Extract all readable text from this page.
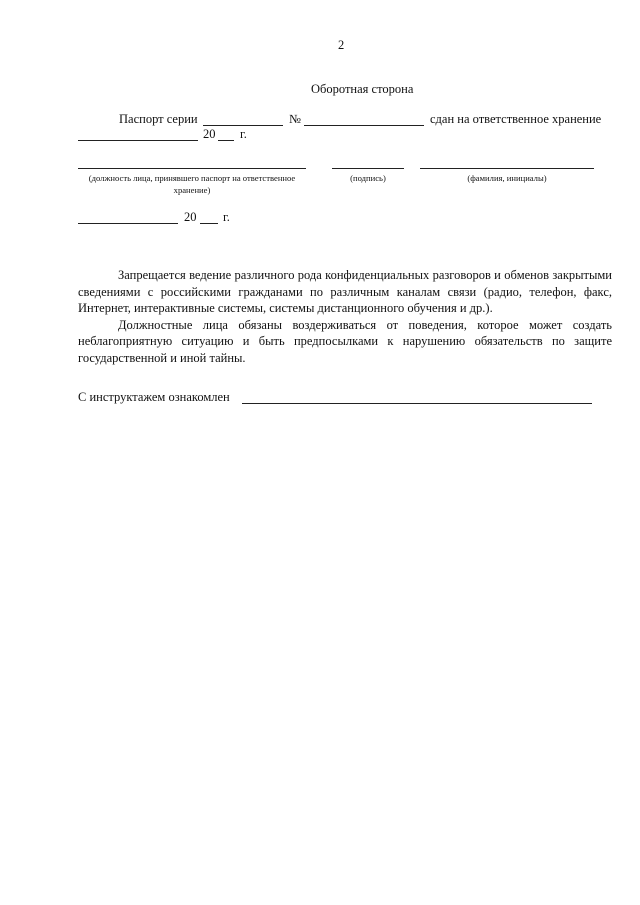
2
Оборотная сторона
Паспорт серии	№	сдан на ответственное хранение
20 г.
(должность лица, принявшего паспорт на ответственное хранение)
(подпись)	(фамилия, инициалы)
20 г.

Запрещается ведение различного рода конфиденциальных разговоров и обменов закрытыми сведениями с российскими гражданами по различным каналам связи (радио, телефон, факс, Интернет, интерактивные системы, системы дистанционного обучения и др.).

Должностные лица обязаны воздерживаться от поведения, которое может создать неблагоприятную ситуацию и быть предпосылками к нарушению обязательств по защите государственной и иной тайны.

С инструктажем ознакомлен
